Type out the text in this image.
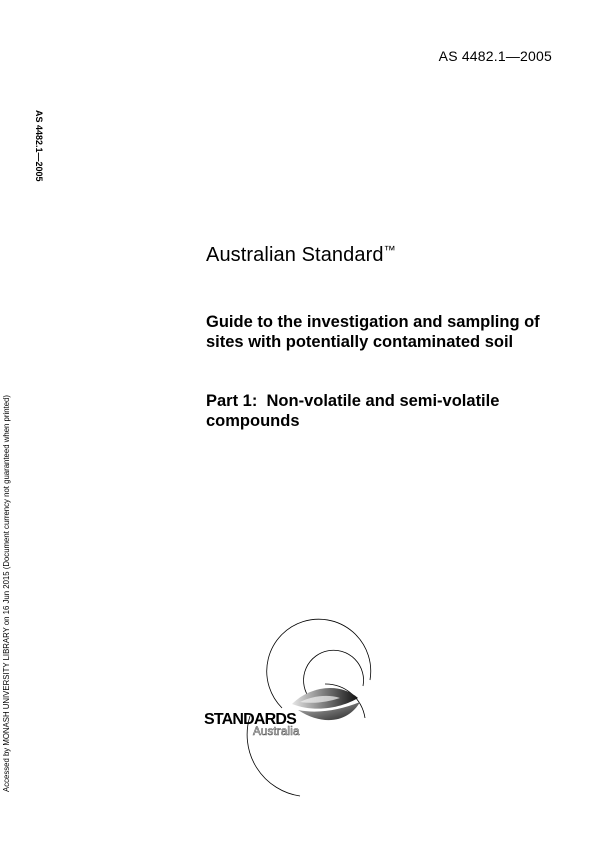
AS 4482.1—2005
AS 4482.1—2005
Accessed by MONASH UNIVERSITY LIBRARY on 16 Jun 2015 (Document currency not guaranteed when printed)
Australian Standard™
Guide to the investigation and sampling of sites with potentially contaminated soil
Part 1:  Non-volatile and semi-volatile compounds
STANDARDS
Australia
